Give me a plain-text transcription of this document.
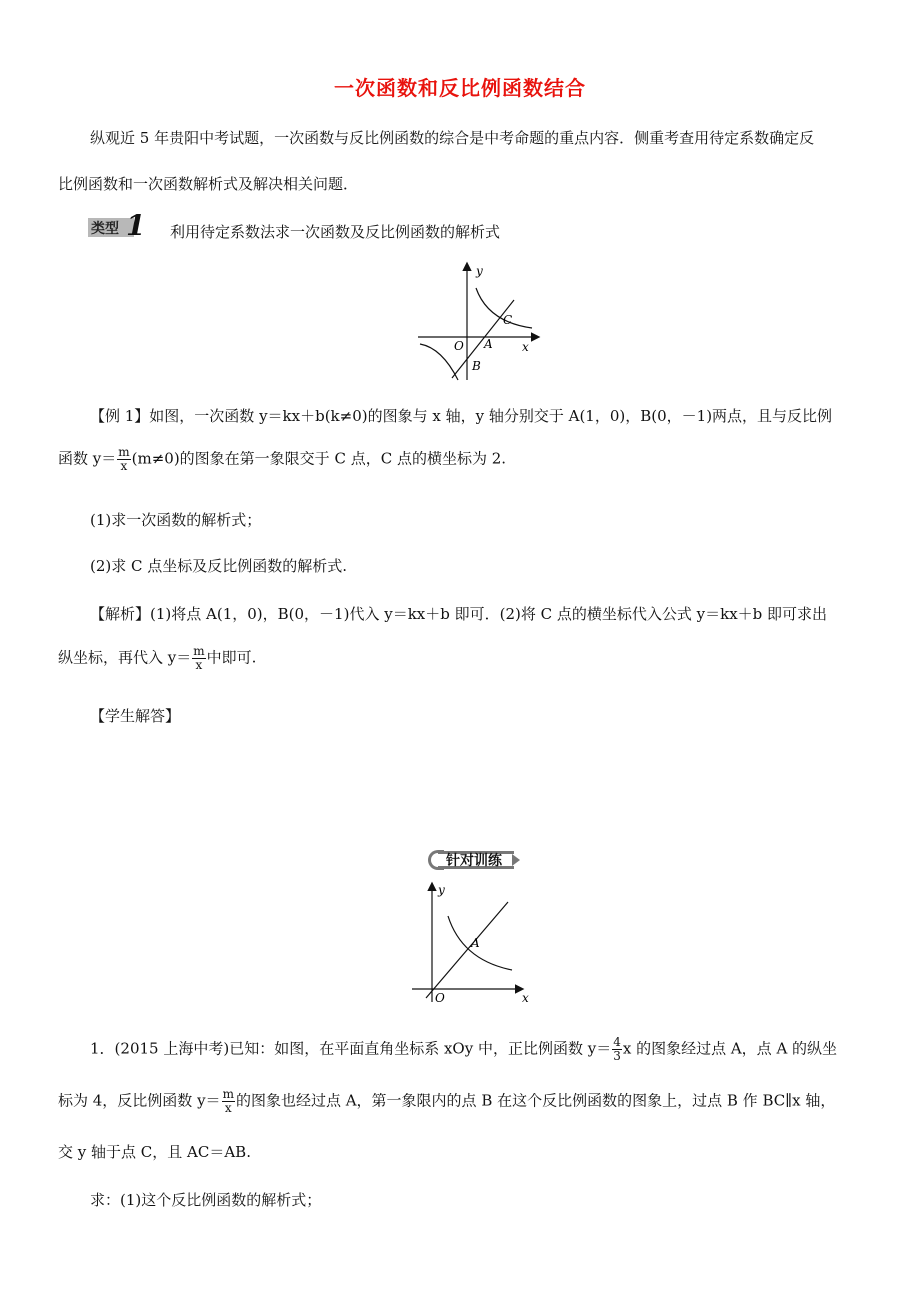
一次函数和反比例函数结合
纵观近 5 年贵阳中考试题，一次函数与反比例函数的综合是中考命题的重点内容．侧重考查用待定系数确定反
比例函数和一次函数解析式及解决相关问题．
类型 1 利用待定系数法求一次函数及反比例函数的解析式
y
x
O A
B
C
【例 1】如图，一次函数 y＝kx＋b(k≠0)的图象与 x 轴，y 轴分别交于 A(1，0)，B(0，－1)两点，且与反比例
函数 $y= \frac{m}{x} (m\ne 0)$的图象在第一象限交于 C 点，C 点的横坐标为 2.
(1)求一次函数的解析式；
(2)求 C 点坐标及反比例函数的解析式.
【解析】(1)将点 A(1，0)，B(0，－1)代入 y＝kx＋b 即可．(2)将 C 点的横坐标代入公式 y＝kx＋b 即可求出
纵坐标，再代入 $y= \frac{m}{x}$ 中即可.
【学生解答】
针对训练
y
x
O
A
1．(2015 上海中考)已知：如图，在平面直角坐标系 xOy 中，正比例函数 $y= \frac{4}{3}$ x 的图象经过点 A，点 A 的纵坐
标为 4，反比例函数 $y= \frac{m}{x}$ 的图象也经过点 A，第一象限内的点 B 在这个反比例函数的图象上，过点 B 作 BC∥x 轴，
交 y 轴于点 C，且 AC＝AB.
求：(1)这个反比例函数的解析式；
